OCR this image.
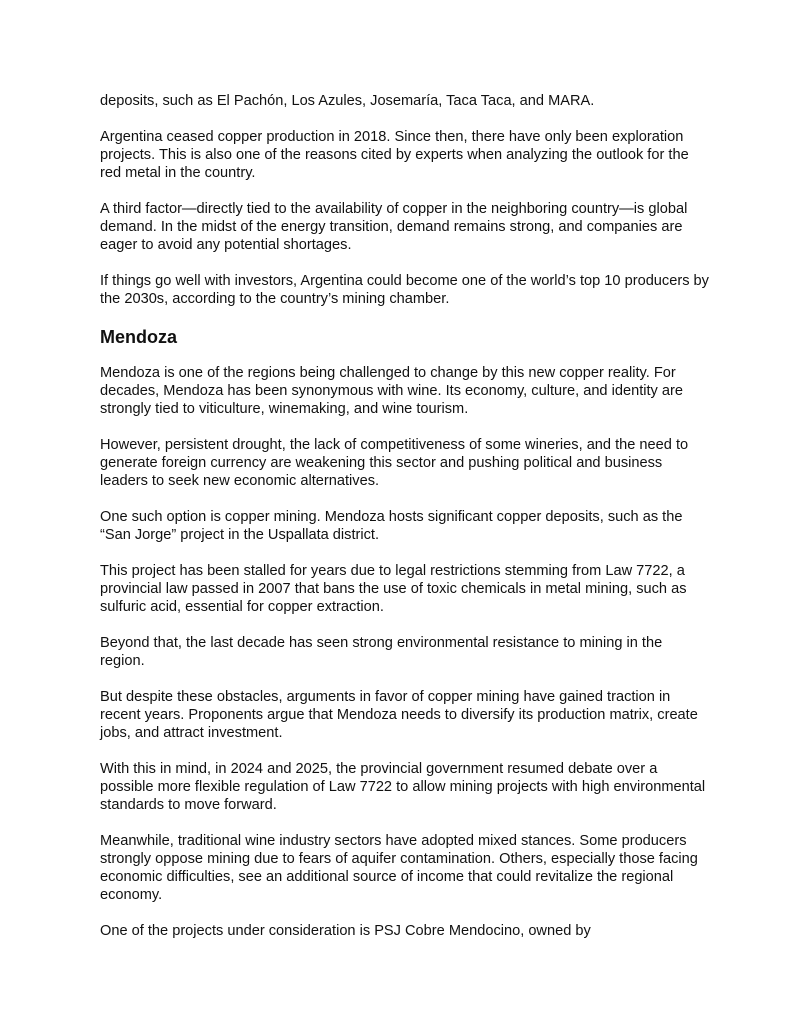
deposits, such as El Pachón, Los Azules, Josemaría, Taca Taca, and MARA.

Argentina ceased copper production in 2018. Since then, there have only been exploration projects. This is also one of the reasons cited by experts when analyzing the outlook for the red metal in the country.

A third factor—directly tied to the availability of copper in the neighboring country—is global demand. In the midst of the energy transition, demand remains strong, and companies are eager to avoid any potential shortages.

If things go well with investors, Argentina could become one of the world’s top 10 producers by the 2030s, according to the country’s mining chamber.

Mendoza

Mendoza is one of the regions being challenged to change by this new copper reality. For decades, Mendoza has been synonymous with wine. Its economy, culture, and identity are strongly tied to viticulture, winemaking, and wine tourism.

However, persistent drought, the lack of competitiveness of some wineries, and the need to generate foreign currency are weakening this sector and pushing political and business leaders to seek new economic alternatives.

One such option is copper mining. Mendoza hosts significant copper deposits, such as the “San Jorge” project in the Uspallata district.

This project has been stalled for years due to legal restrictions stemming from Law 7722, a provincial law passed in 2007 that bans the use of toxic chemicals in metal mining, such as sulfuric acid, essential for copper extraction.

Beyond that, the last decade has seen strong environmental resistance to mining in the region.

But despite these obstacles, arguments in favor of copper mining have gained traction in recent years. Proponents argue that Mendoza needs to diversify its production matrix, create jobs, and attract investment.

With this in mind, in 2024 and 2025, the provincial government resumed debate over a possible more flexible regulation of Law 7722 to allow mining projects with high environmental standards to move forward.

Meanwhile, traditional wine industry sectors have adopted mixed stances. Some producers strongly oppose mining due to fears of aquifer contamination. Others, especially those facing economic difficulties, see an additional source of income that could revitalize the regional economy.

One of the projects under consideration is PSJ Cobre Mendocino, owned by
